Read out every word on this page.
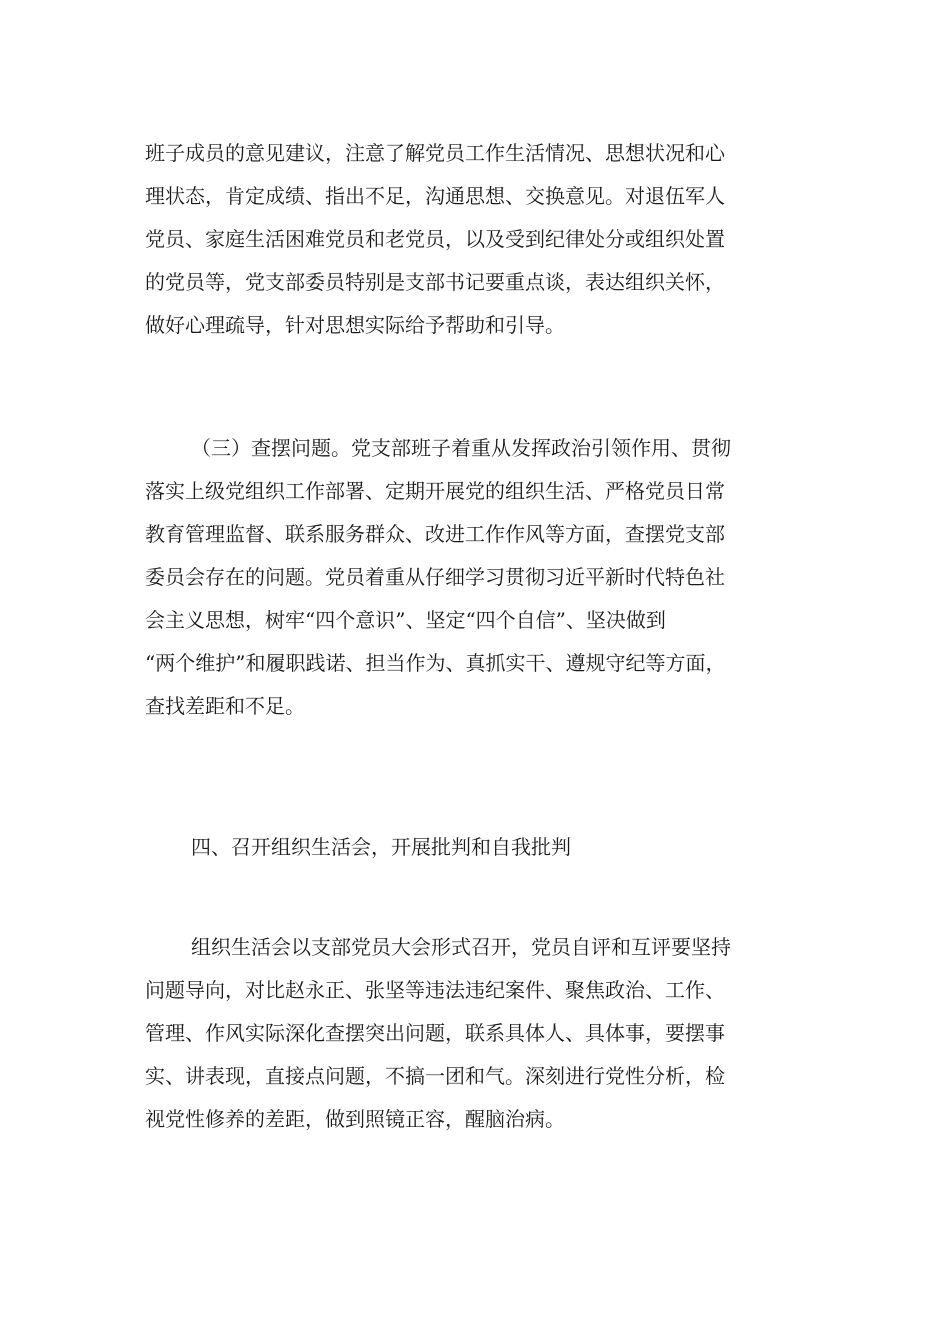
班子成员的意见建议，注意了解党员工作生活情况、思想状况和心
理状态，肯定成绩、指出不足，沟通思想、交换意见。对退伍军人
党员、家庭生活困难党员和老党员，以及受到纪律处分或组织处置
的党员等，党支部委员特别是支部书记要重点谈，表达组织关怀，
做好心理疏导，针对思想实际给予帮助和引导。
（三）查摆问题。党支部班子着重从发挥政治引领作用、贯彻
落实上级党组织工作部署、定期开展党的组织生活、严格党员日常
教育管理监督、联系服务群众、改进工作作风等方面，查摆党支部
委员会存在的问题。党员着重从仔细学习贯彻习近平新时代特色社
会主义思想，树牢“四个意识”、坚定“四个自信”、坚决做到
“两个维护”和履职践诺、担当作为、真抓实干、遵规守纪等方面，
查找差距和不足。
四、召开组织生活会，开展批判和自我批判
组织生活会以支部党员大会形式召开，党员自评和互评要坚持
问题导向，对比赵永正、张坚等违法违纪案件、聚焦政治、工作、
管理、作风实际深化查摆突出问题，联系具体人、具体事，要摆事
实、讲表现，直接点问题，不搞一团和气。深刻进行党性分析，检
视党性修养的差距，做到照镜正容，醒脑治病。
